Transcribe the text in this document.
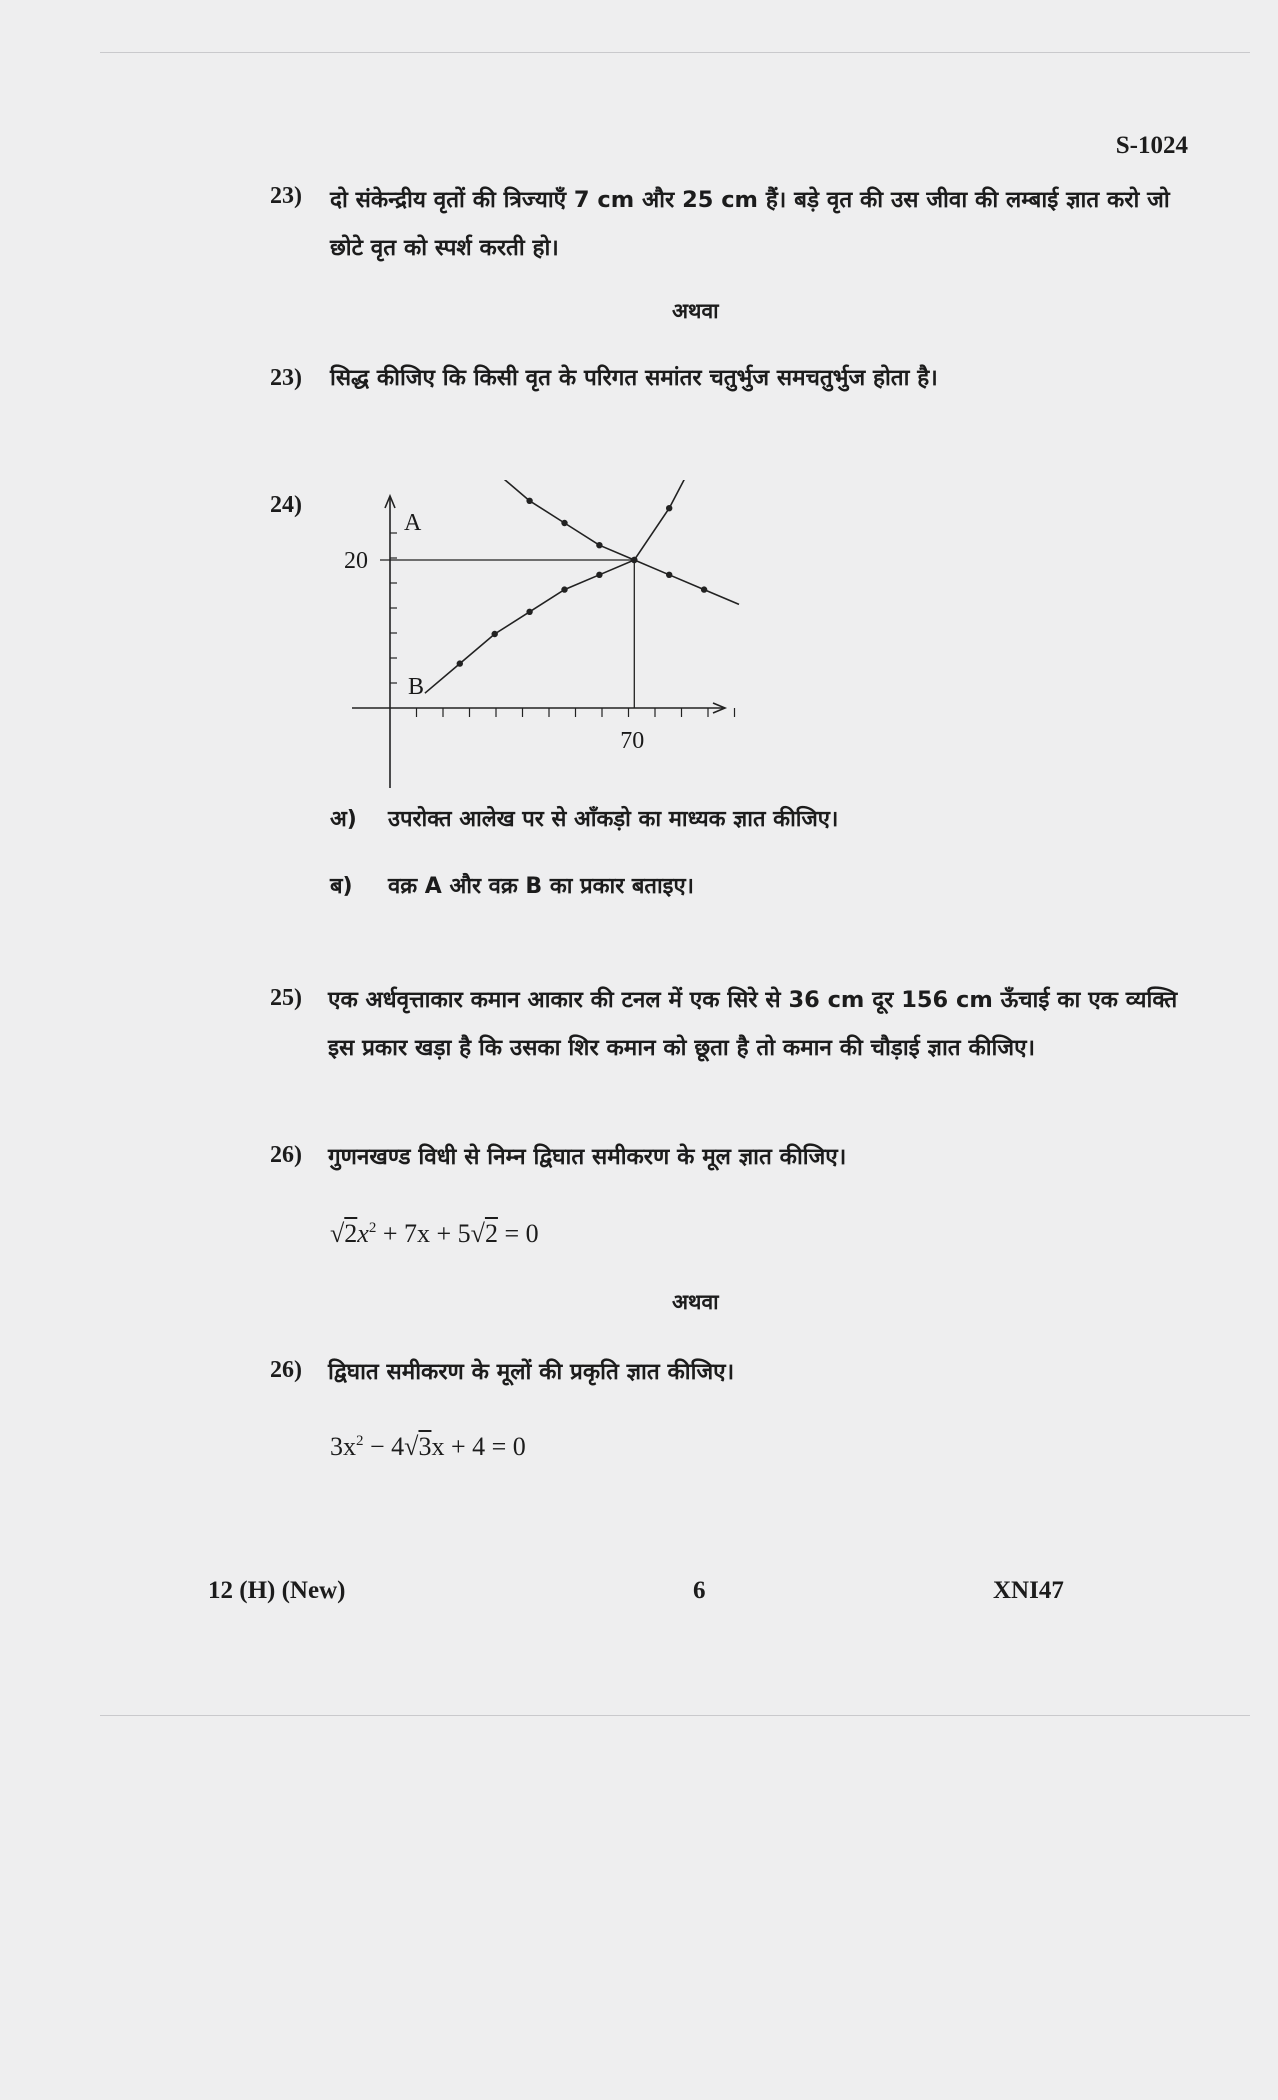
S-1024
23) दो संकेन्द्रीय वृतों की त्रिज्याएँ 7 cm और 25 cm हैं। बड़े वृत की उस जीवा की लम्बाई ज्ञात करो जो छोटे वृत को स्पर्श करती हो।
अथवा
23) सिद्ध कीजिए कि किसी वृत के परिगत समांतर चतुर्भुज समचतुर्भुज होता है।
24)
A
B
20
70
अ) उपरोक्त आलेख पर से आँकड़ो का माध्यक ज्ञात कीजिए।
ब) वक्र A और वक्र B का प्रकार बताइए।
25) एक अर्धवृत्ताकार कमान आकार की टनल में एक सिरे से 36 cm दूर 156 cm ऊँचाई का एक व्यक्ति इस प्रकार खड़ा है कि उसका शिर कमान को छूता है तो कमान की चौड़ाई ज्ञात कीजिए।
26) गुणनखण्ड विधी से निम्न द्विघात समीकरण के मूल ज्ञात कीजिए।
$√2x^2 + 7x + 5√2 = 0$
अथवा
26) द्विघात समीकरण के मूलों की प्रकृति ज्ञात कीजिए।
$3x^2 - 4√3x + 4 = 0$
12 (H) (New)	6	XNI47
